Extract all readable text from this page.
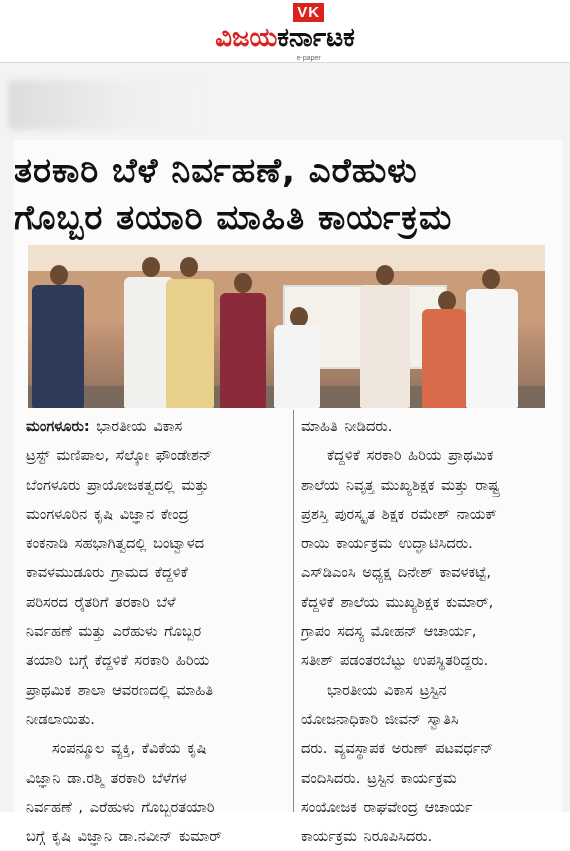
VK
ವಿಜಯ ಕರ್ನಾಟಕ
e-paper
ತರಕಾರಿ ಬೆಳೆ ನಿರ್ವಹಣೆ, ಎರೆಹುಳು
ಗೊಬ್ಬರ ತಯಾರಿ ಮಾಹಿತಿ ಕಾರ್ಯಕ್ರಮ
ಮಂಗಳೂರು: ಭಾರತೀಯ ವಿಕಾಸ
ಟ್ರಸ್ಟ್ ಮಣಿಪಾಲ, ಸೆಲ್ಕೋ ಫೌಂಡೇಶನ್
ಬೆಂಗಳೂರು ಪ್ರಾಯೋಜಕತ್ವದಲ್ಲಿ ಮತ್ತು
ಮಂಗಳೂರಿನ ಕೃಷಿ ವಿಜ್ಞಾನ ಕೇಂದ್ರ
ಕಂಕನಾಡಿ ಸಹಭಾಗಿತ್ವದಲ್ಲಿ ಬಂಟ್ವಾಳದ
ಕಾವಳಮುಡೂರು ಗ್ರಾಮದ ಕೆದ್ದಳಿಕೆ
ಪರಿಸರದ ರೈತರಿಗೆ ತರಕಾರಿ ಬೆಳೆ
ನಿರ್ವಹಣೆ ಮತ್ತು ಎರೆಹುಳು ಗೊಬ್ಬರ
ತಯಾರಿ ಬಗ್ಗೆ ಕೆದ್ದಳಿಕೆ ಸರಕಾರಿ ಹಿರಿಯ
ಪ್ರಾಥಮಿಕ ಶಾಲಾ ಆವರಣದಲ್ಲಿ ಮಾಹಿತಿ
ನೀಡಲಾಯಿತು.
ಸಂಪನ್ಮೂಲ ವ್ಯಕ್ತಿ, ಕೆವಿಕೆಯ ಕೃಷಿ
ವಿಜ್ಞಾನಿ ಡಾ.ರಶ್ಮಿ ತರಕಾರಿ ಬೆಳೆಗಳ
ನಿರ್ವಹಣೆ , ಎರೆಹುಳು ಗೊಬ್ಬರತಯಾರಿ
ಬಗ್ಗೆ ಕೃಷಿ ವಿಜ್ಞಾನಿ ಡಾ.ನವೀನ್ ಕುಮಾರ್
ಮಾಹಿತಿ ನೀಡಿದರು.
ಕೆದ್ದಳಿಕೆ ಸರಕಾರಿ ಹಿರಿಯ ಪ್ರಾಥಮಿಕ
ಶಾಲೆಯ ನಿವೃತ್ತ ಮುಖ್ಯಶಿಕ್ಷಕ ಮತ್ತು ರಾಷ್ಟ್ರ
ಪ್ರಶಸ್ತಿ ಪುರಸ್ಕೃತ ಶಿಕ್ಷಕ ರಮೇಶ್ ನಾಯಕ್
ರಾಯಿ ಕಾರ್ಯಕ್ರಮ ಉದ್ಘಾಟಿಸಿದರು.
ಎಸ್‌ಡಿಎಂಸಿ ಅಧ್ಯಕ್ಷ ದಿನೇಶ್ ಕಾವಳಕಟ್ಟೆ,
ಕೆದ್ದಳಿಕೆ ಶಾಲೆಯ ಮುಖ್ಯಶಿಕ್ಷಕ ಕುಮಾರ್,
ಗ್ರಾಪಂ ಸದಸ್ಯ ಮೋಹನ್ ಆಚಾರ್ಯ,
ಸತೀಶ್ ಪಡಂತರಬೆಟ್ಟು ಉಪಸ್ಥಿತರಿದ್ದರು.
ಭಾರತೀಯ ವಿಕಾಸ ಟ್ರಸ್ಟಿನ
ಯೋಜನಾಧಿಕಾರಿ ಜೀವನ್ ಸ್ವಾತಿಸಿ
ದರು. ವ್ಯವಸ್ಥಾಪಕ ಅರುಣ್ ಪಟವರ್ಧನ್
ವಂದಿಸಿದರು. ಟ್ರಸ್ಟಿನ ಕಾರ್ಯಕ್ರಮ
ಸಂಯೋಜಕ ರಾಘವೇಂದ್ರ ಆಚಾರ್ಯ
ಕಾರ್ಯಕ್ರಮ ನಿರೂಪಿಸಿದರು.
